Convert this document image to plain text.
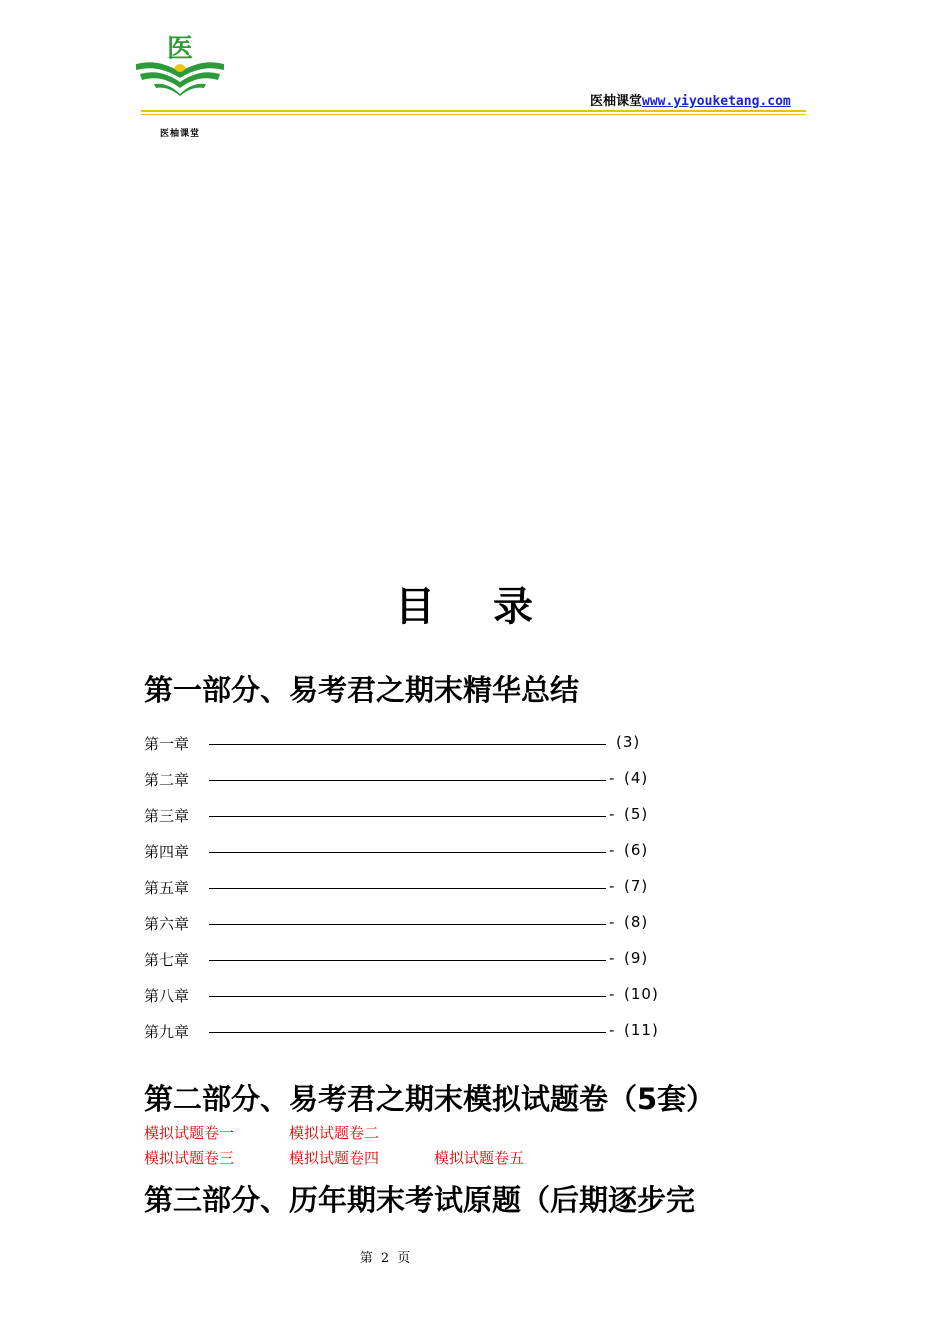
医
医柚课堂
医柚课堂www.yiyouketang.com
目 录
第一部分、易考君之期末精华总结
第一章	(3)
第二章	- (4)
第三章	- (5)
第四章	- (6)
第五章	- (7)
第六章	- (8)
第七章	- (9)
第八章	- (10)
第九章	- (11)
第二部分、易考君之期末模拟试题卷（5套）
模拟试题卷一	模拟试题卷二
模拟试题卷三	模拟试题卷四	模拟试题卷五
第三部分、历年期末考试原题（后期逐步完
第 2 页
